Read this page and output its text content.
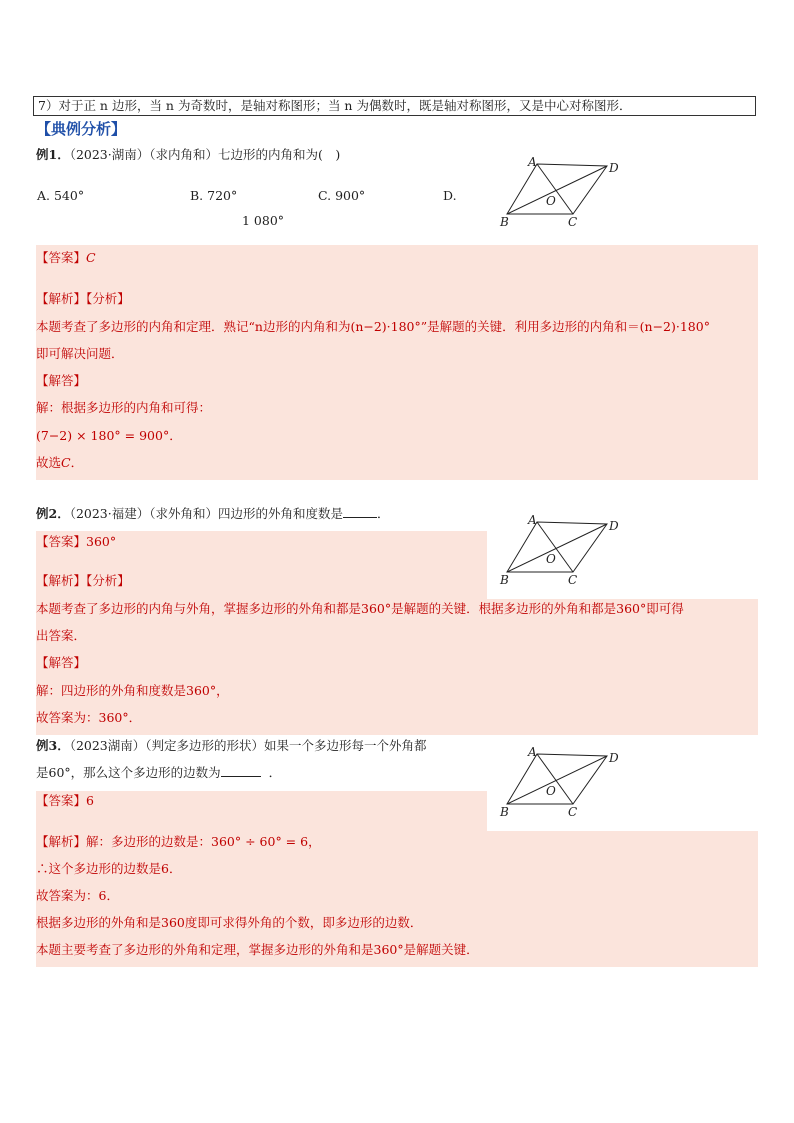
7）对于正 n 边形，当 n 为奇数时，是轴对称图形；当 n 为偶数时，既是轴对称图形，又是中心对称图形．
【典例分析】
例1．（2023·湖南）（求内角和）七边形的内角和为(　)
A. 540°	B. 720°	C. 900°	D.
1 080°
A	D
B	C
O
【答案】C
【解析】【分析】
本题考查了多边形的内角和定理．熟记“n边形的内角和为(n−2)·180°”是解题的关键．利用多边形的内角和＝(n−2)·180°
即可解决问题．
【解答】
解：根据多边形的内角和可得：
(7−2) × 180° = 900°．
故选C．
例2．（2023·福建）（求外角和）四边形的外角和度数是	．	A	D
B	C
O
【答案】360°
【解析】【分析】
本题考查了多边形的内角与外角，掌握多边形的外角和都是360°是解题的关键．根据多边形的外角和都是360°即可得
出答案．
【解答】
解：四边形的外角和度数是360°，
故答案为：360°．
例3．（2023湖南）（判定多边形的形状）如果一个多边形每一个外角都
是60°，那么这个多边形的边数为	．
A	D
B	C
O
【答案】6
【解析】解：多边形的边数是：360° ÷ 60° = 6，
∴这个多边形的边数是6．
故答案为：6．
根据多边形的外角和是360度即可求得外角的个数，即多边形的边数．
本题主要考查了多边形的外角和定理，掌握多边形的外角和是360°是解题关键．
